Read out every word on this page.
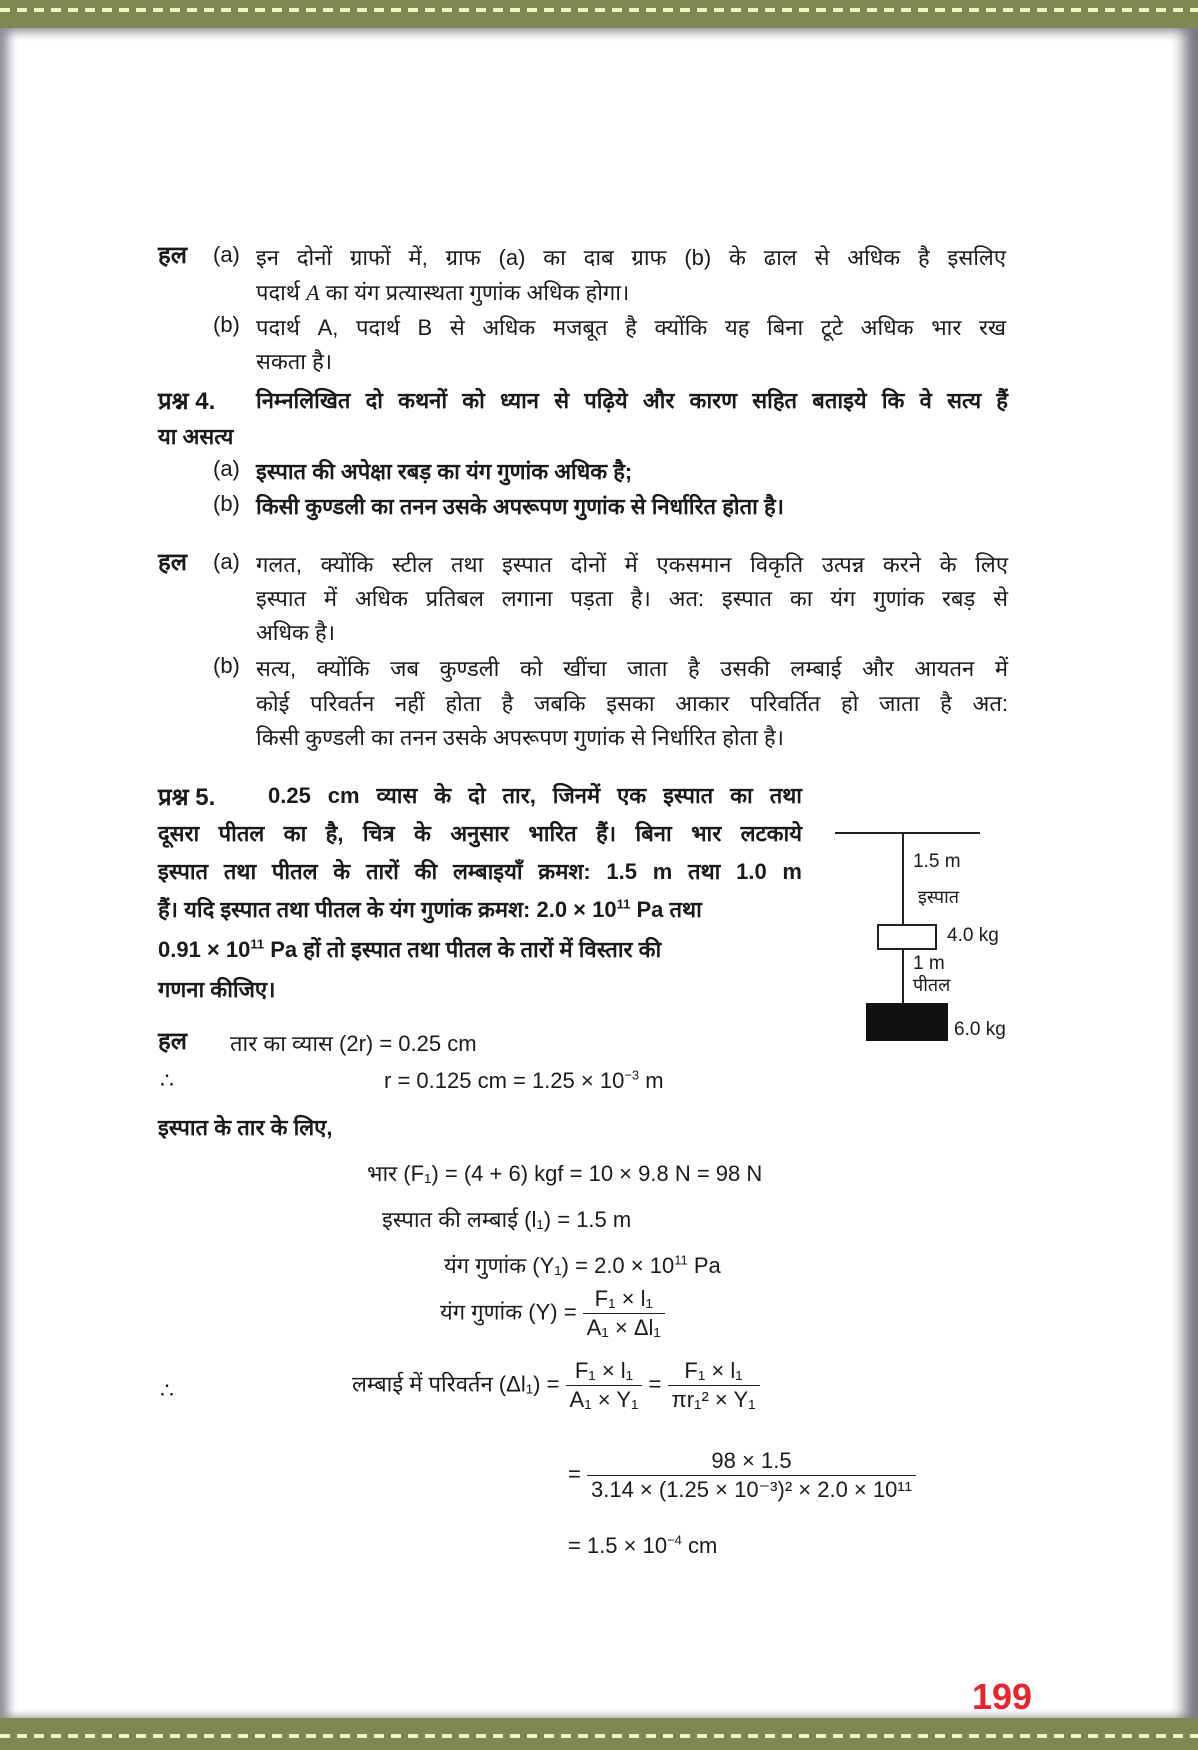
हल (a) इन दोनों ग्राफों में, ग्राफ (a) का दाब ग्राफ (b) के ढाल से अधिक है इसलिए
पदार्थ A का यंग प्रत्यास्थता गुणांक अधिक होगा।
(b) पदार्थ A, पदार्थ B से अधिक मजबूत है क्योंकि यह बिना टूटे अधिक भार रख
सकता है।
प्रश्न 4. निम्नलिखित दो कथनों को ध्यान से पढ़िये और कारण सहित बताइये कि वे सत्य हैं
या असत्य
(a) इस्पात की अपेक्षा रबड़ का यंग गुणांक अधिक है;
(b) किसी कुण्डली का तनन उसके अपरूपण गुणांक से निर्धारित होता है।
हल (a) गलत, क्योंकि स्टील तथा इस्पात दोनों में एकसमान विकृति उत्पन्न करने के लिए
इस्पात में अधिक प्रतिबल लगाना पड़ता है। अत: इस्पात का यंग गुणांक रबड़ से
अधिक है।
(b) सत्य, क्योंकि जब कुण्डली को खींचा जाता है उसकी लम्बाई और आयतन में
कोई परिवर्तन नहीं होता है जबकि इसका आकार परिवर्तित हो जाता है अत:
किसी कुण्डली का तनन उसके अपरूपण गुणांक से निर्धारित होता है।
प्रश्न 5. 0.25 cm व्यास के दो तार, जिनमें एक इस्पात का तथा
दूसरा पीतल का है, चित्र के अनुसार भारित हैं। बिना भार लटकाये
इस्पात तथा पीतल के तारों की लम्बाइयाँ क्रमश: 1.5 m तथा 1.0 m
हैं। यदि इस्पात तथा पीतल के यंग गुणांक क्रमश: $2.0 \times 10^{11}$ Pa तथा
$0.91 \times 10^{11}$ Pa हों तो इस्पात तथा पीतल के तारों में विस्तार की
गणना कीजिए।
1.5 m
इस्पात
4.0 kg
1 m
पीतल
6.0 kg
हल तार का व्यास (2r) = 0.25 cm
∴	r = 0.125 cm = $1.25 \times 10^{-3}$ m
इस्पात के तार के लिए,
भार (F₁) = (4 + 6) kgf = 10 × 9.8 N = 98 N
इस्पात की लम्बाई (l₁) = 1.5 m
यंग गुणांक $(Y_1) = 2.0 \times 10^{11}$ Pa
यंग गुणांक $(Y) = \frac{\text{F₁ × l₁}}{\text{A₁ × Δl₁}}$
∴	लम्बाई में परिवर्तन $(\Delta l_1) = \frac{\text{F₁ × l₁}}{\text{A₁ × Y₁}} = \frac{\text{F₁ × l₁}}{\text{πr₁² × Y₁}}$
= $\frac{98 \times 1.5}{\text{3.14 × (1.25 × 10⁻³)² × 2.0 × 10¹¹}}$
= $1.5 \times 10^{-4}$ cm
199
